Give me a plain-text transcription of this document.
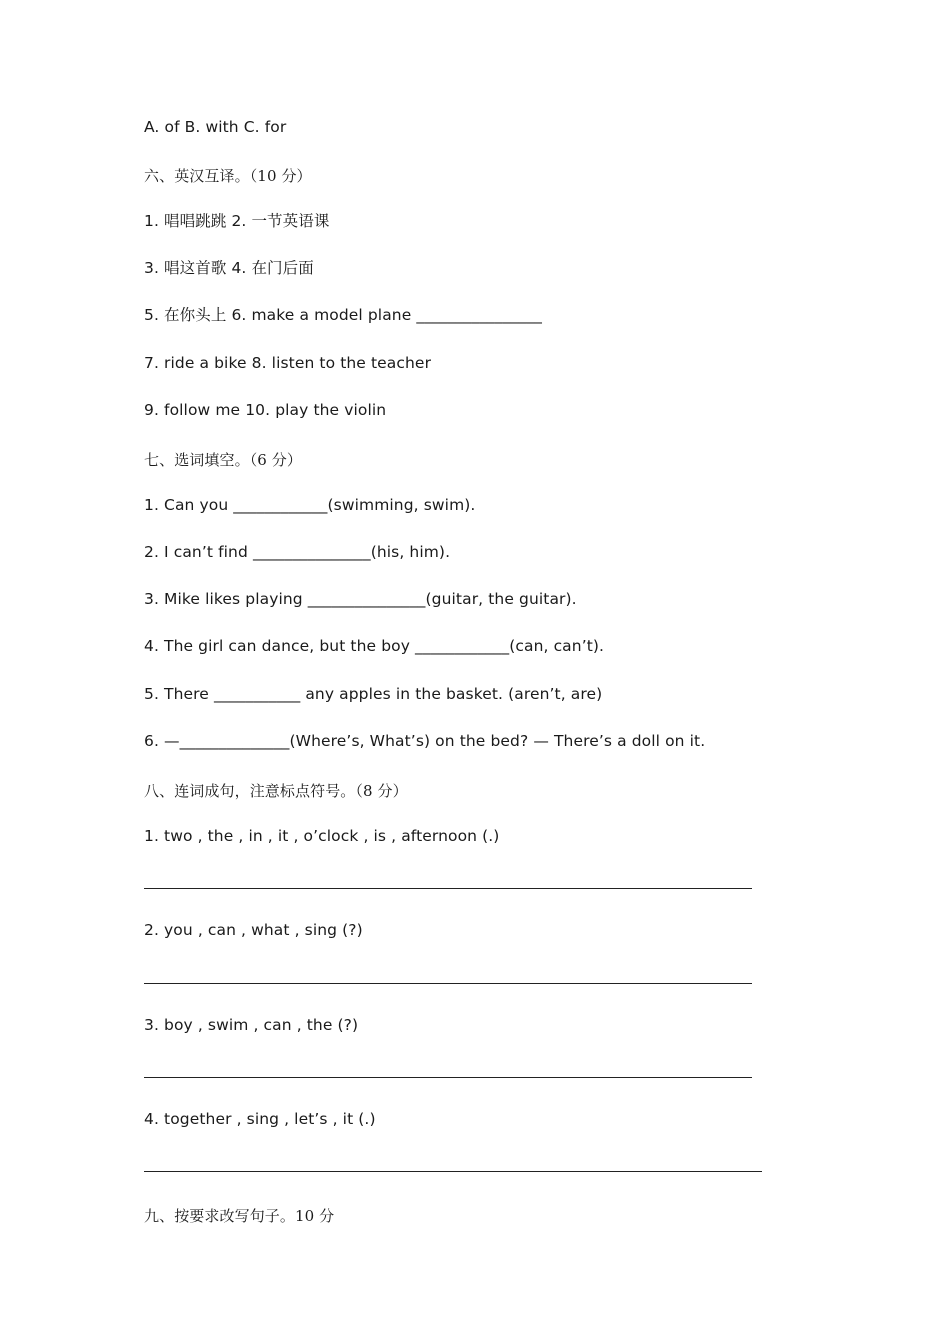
A. of B. with C. for
六、英汉互译。（10 分）
1. 唱唱跳跳 2. 一节英语课
3. 唱这首歌 4. 在门后面
5. 在你头上 6. make a model plane ________________
7. ride a bike 8. listen to the teacher
9. follow me 10. play the violin
七、选词填空。（6 分）
1. Can you ____________(swimming, swim).
2. I can’t find _______________(his, him).
3. Mike likes playing _______________(guitar, the guitar).
4. The girl can dance, but the boy ____________(can, can’t).
5. There ___________ any apples in the basket. (aren’t, are)
6. —______________(Where’s, What’s) on the bed? — There’s a doll on it.
八、连词成句，注意标点符号。（8 分）
1. two , the , in , it , o’clock , is , afternoon (.)
2. you , can , what , sing (?)
3. boy , swim , can , the (?)
4. together , sing , let’s , it (.)
九、按要求改写句子。10 分
